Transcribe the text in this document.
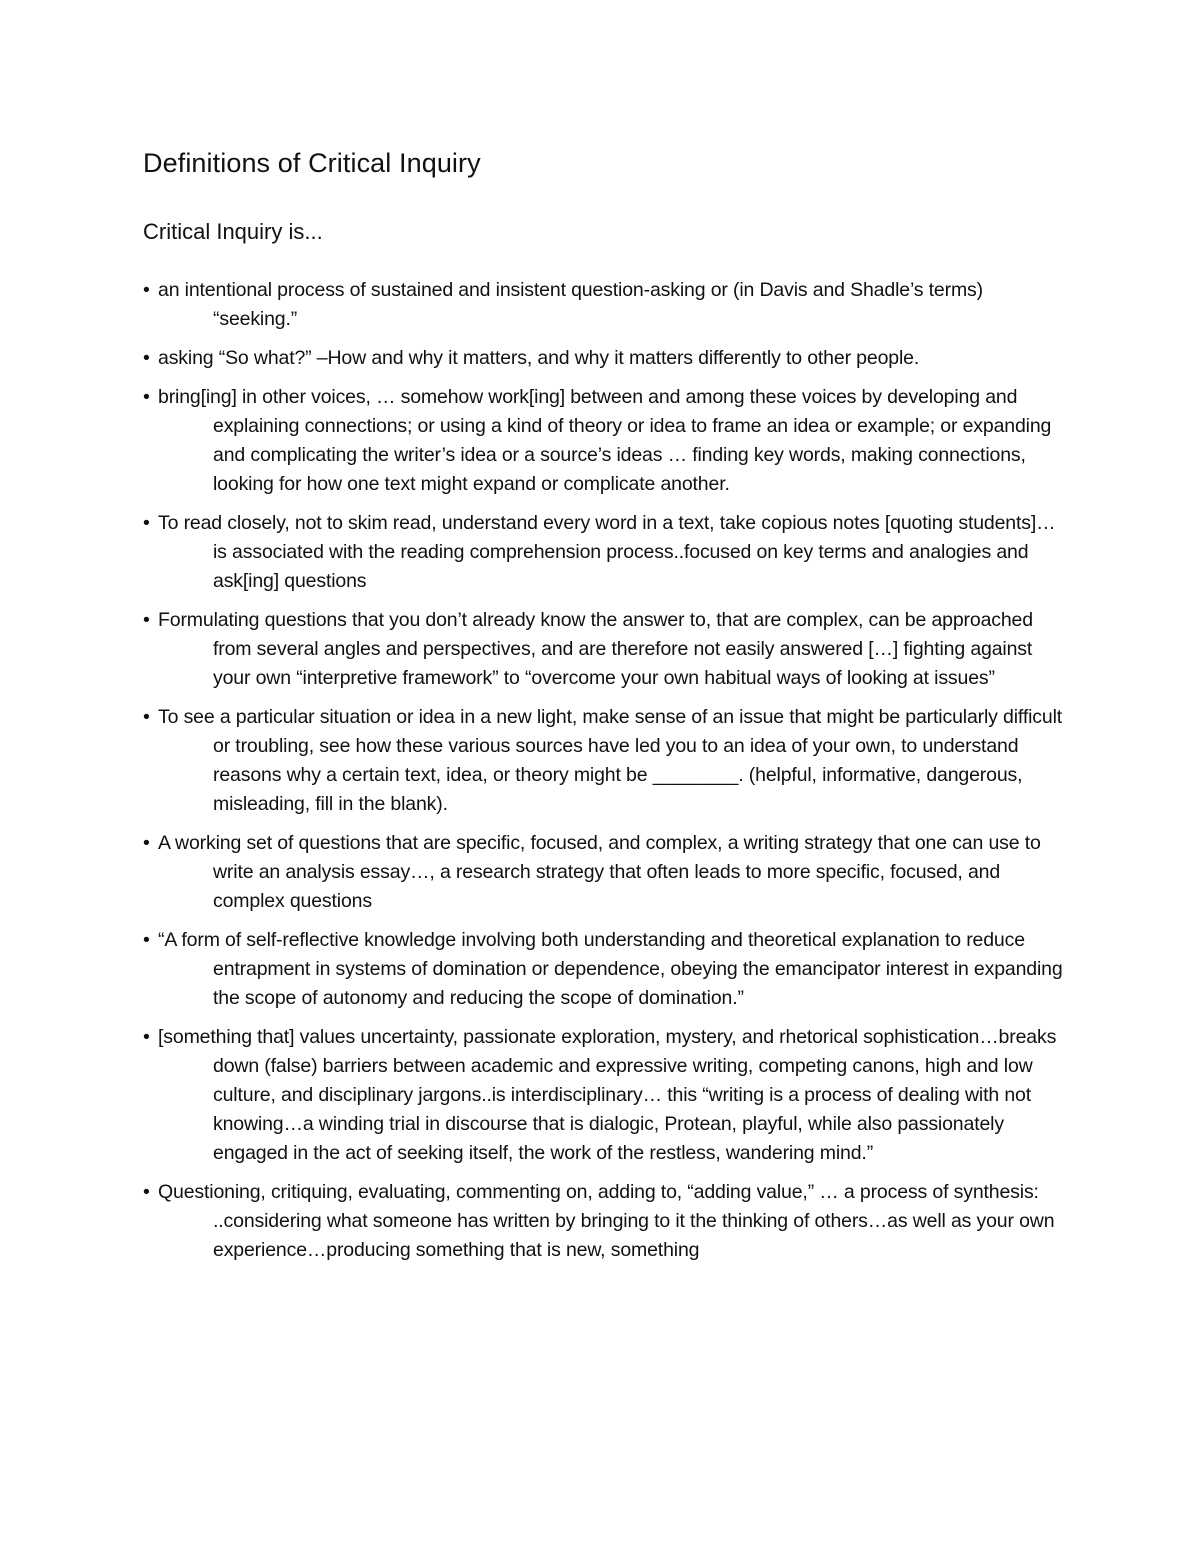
Definitions of Critical Inquiry
Critical Inquiry is...
• an intentional process of sustained and insistent question-asking or (in Davis and Shadle’s terms) “seeking.”
• asking “So what?” –How and why it matters, and why it matters differently to other people.
• bring[ing] in other voices, … somehow work[ing] between and among these voices by developing and explaining connections; or using a kind of theory or idea to frame an idea or example; or expanding and complicating the writer’s idea or a source’s ideas … finding key words, making connections, looking for how one text might expand or complicate another.
• To read closely, not to skim read, understand every word in a text, take copious notes [quoting students]… is associated with the reading comprehension process..focused on key terms and analogies and ask[ing] questions
• Formulating questions that you don’t already know the answer to, that are complex, can be approached from several angles and perspectives, and are therefore not easily answered […] fighting against your own “interpretive framework” to “overcome your own habitual ways of looking at issues”
• To see a particular situation or idea in a new light, make sense of an issue that might be particularly difficult or troubling, see how these various sources have led you to an idea of your own, to understand reasons why a certain text, idea, or theory might be ________. (helpful, informative, dangerous, misleading, fill in the blank).
• A working set of questions that are specific, focused, and complex, a writing strategy that one can use to write an analysis essay…, a research strategy that often leads to more specific, focused, and complex questions
• “A form of self-reflective knowledge involving both understanding and theoretical explanation to reduce entrapment in systems of domination or dependence, obeying the emancipator interest in expanding the scope of autonomy and reducing the scope of domination.”
• [something that] values uncertainty, passionate exploration, mystery, and rhetorical sophistication…breaks down (false) barriers between academic and expressive writing, competing canons, high and low culture, and disciplinary jargons..is interdisciplinary… this “writing is a process of dealing with not knowing…a winding trial in discourse that is dialogic, Protean, playful, while also passionately engaged in the act of seeking itself, the work of the restless, wandering mind.”
• Questioning, critiquing, evaluating, commenting on, adding to, “adding value,” … a process of synthesis: ..considering what someone has written by bringing to it the thinking of others…as well as your own experience…producing something that is new, something
